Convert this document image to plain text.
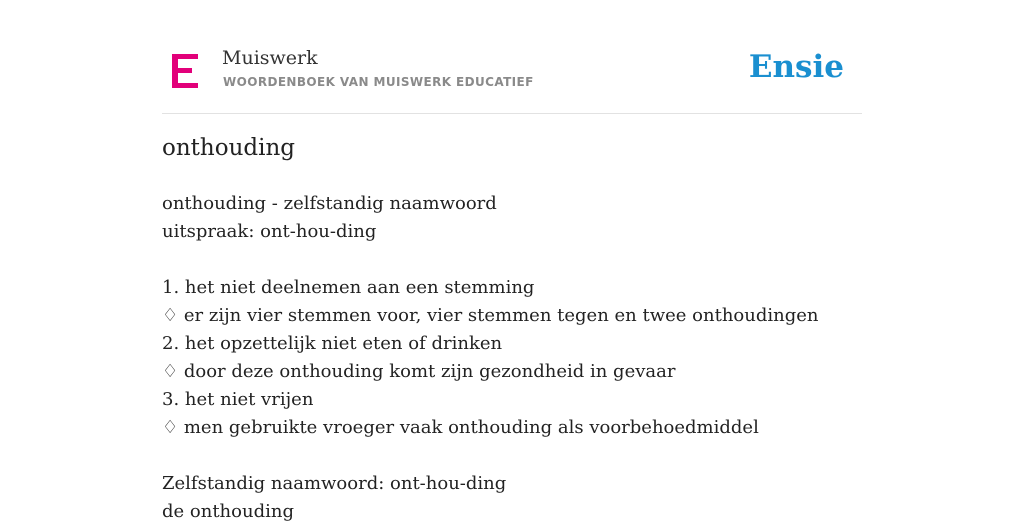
Muiswerk
WOORDENBOEK VAN MUISWERK EDUCATIEF	Ensie
onthouding
onthouding - zelfstandig naamwoord
uitspraak: ont-hou-ding
1. het niet deelnemen aan een stemming
♢ er zijn vier stemmen voor, vier stemmen tegen en twee onthoudingen
2. het opzettelijk niet eten of drinken
♢ door deze onthouding komt zijn gezondheid in gevaar
3. het niet vrijen
♢ men gebruikte vroeger vaak onthouding als voorbehoedmiddel
Zelfstandig naamwoord: ont-hou-ding
de onthouding
